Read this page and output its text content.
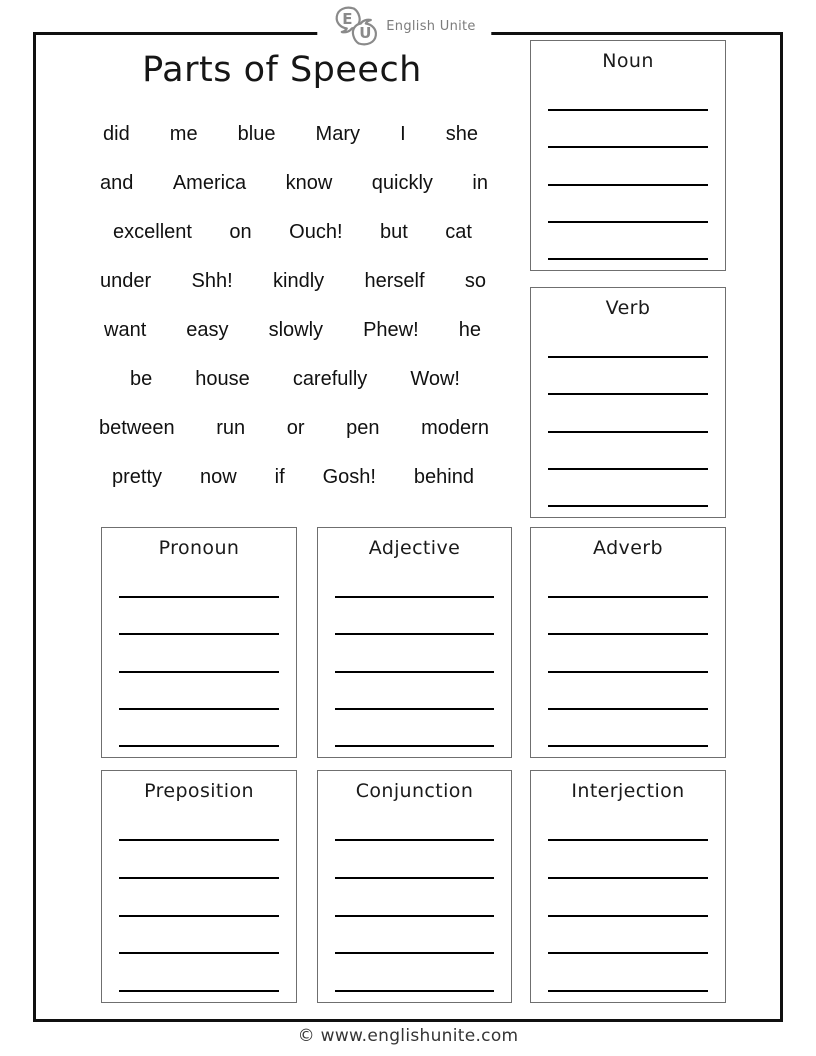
E
U English Unite
Parts of Speech
did me blue Mary I she
and America know quickly in
excellent on Ouch! but cat
under Shh! kindly herself so
want easy slowly Phew! he
be house carefully Wow!
between run or pen modern
pretty now if Gosh! behind
Noun
Verb
Pronoun	Adjective	Adverb
Preposition	Conjunction	Interjection
© www.englishunite.com
